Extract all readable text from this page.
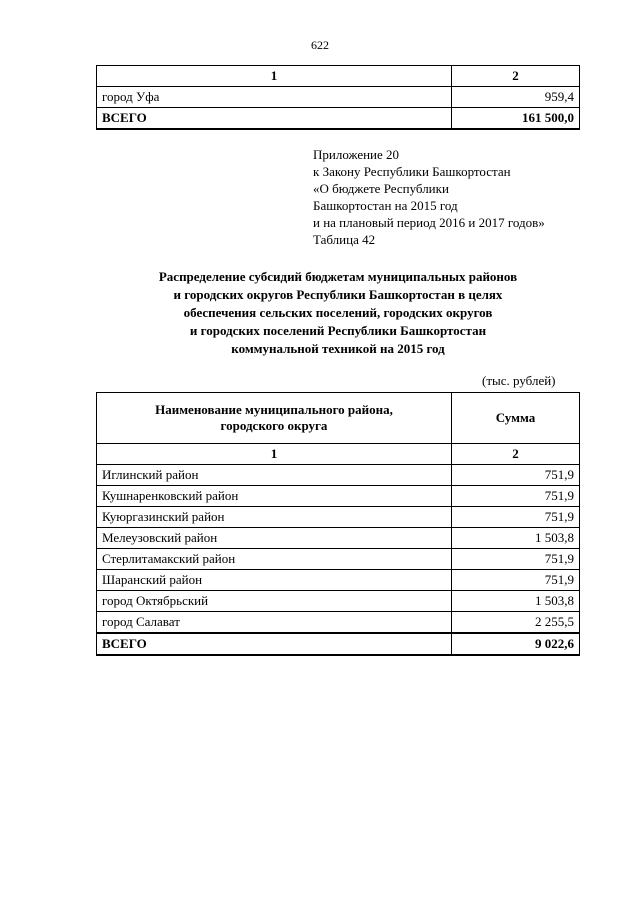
622
1	2
город Уфа	959,4
ВСЕГО	161 500,0
Приложение 20
к Закону Республики Башкортостан
«О бюджете Республики
Башкортостан на 2015 год
и на плановый период 2016 и 2017 годов»
Таблица 42
Распределение субсидий бюджетам муниципальных районов
и городских округов Республики Башкортостан в целях
обеспечения сельских поселений, городских округов
и городских поселений Республики Башкортостан
коммунальной техникой на 2015 год
(тыс. рублей)
Наименование муниципального района,
городского округа	Сумма
1	2
Иглинский район	751,9
Кушнаренковский район	751,9
Куюргазинский район	751,9
Мелеузовский район	1 503,8
Стерлитамакский район	751,9
Шаранский район	751,9
город Октябрьский	1 503,8
город Салават	2 255,5
ВСЕГО	9 022,6
